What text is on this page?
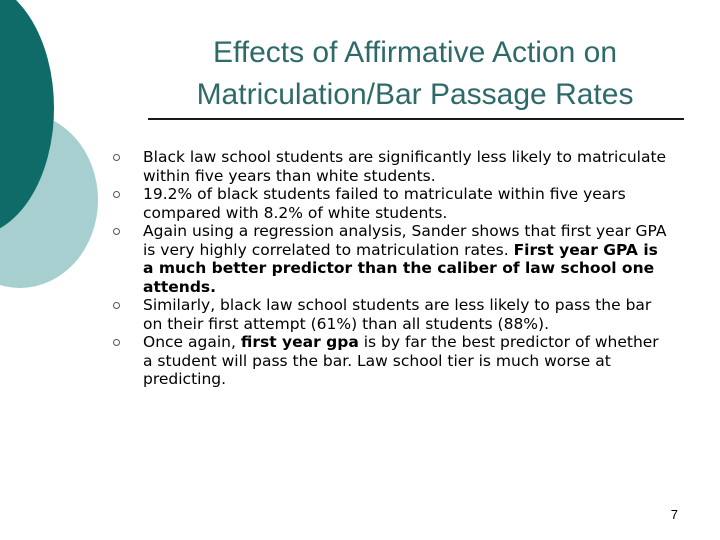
Effects of Affirmative Action on
Matriculation/Bar Passage Rates
Black law school students are significantly less likely to matriculate within five years than white students.
19.2% of black students failed to matriculate within five years compared with 8.2% of white students.
Again using a regression analysis, Sander shows that first year GPA is very highly correlated to matriculation rates. First year GPA is a much better predictor than the caliber of law school one attends.
Similarly, black law school students are less likely to pass the bar on their first attempt (61%) than all students (88%).
Once again, first year gpa is by far the best predictor of whether a student will pass the bar. Law school tier is much worse at predicting.
7
